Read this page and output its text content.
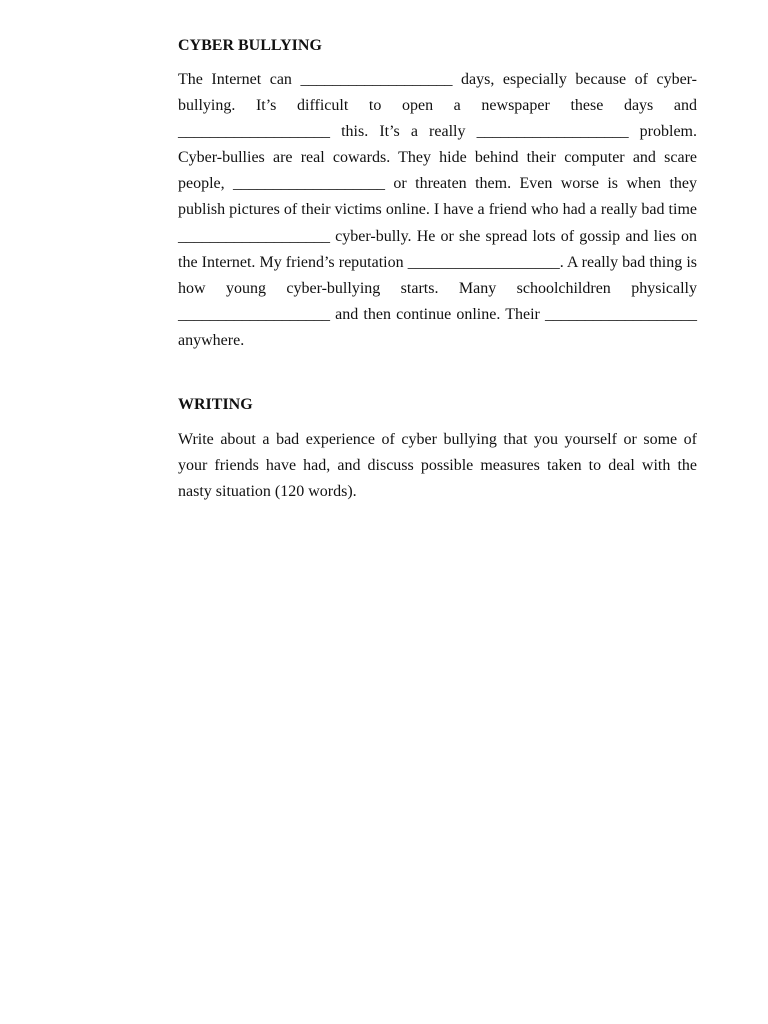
CYBER BULLYING

The Internet can ___________________ days, especially because of cyber-bullying. It’s difficult to open a newspaper these days and ___________________ this. It’s a really ___________________ problem. Cyber-bullies are real cowards. They hide behind their computer and scare people, ___________________ or threaten them. Even worse is when they publish pictures of their victims online. I have a friend who had a really bad time ___________________ cyber-bully. He or she spread lots of gossip and lies on the Internet. My friend’s reputation ___________________. A really bad thing is how young cyber-bullying starts. Many schoolchildren physically ___________________ and then continue online. Their ___________________ anywhere.

WRITING

Write about a bad experience of cyber bullying that you yourself or some of your friends have had, and discuss possible measures taken to deal with the nasty situation (120 words).
